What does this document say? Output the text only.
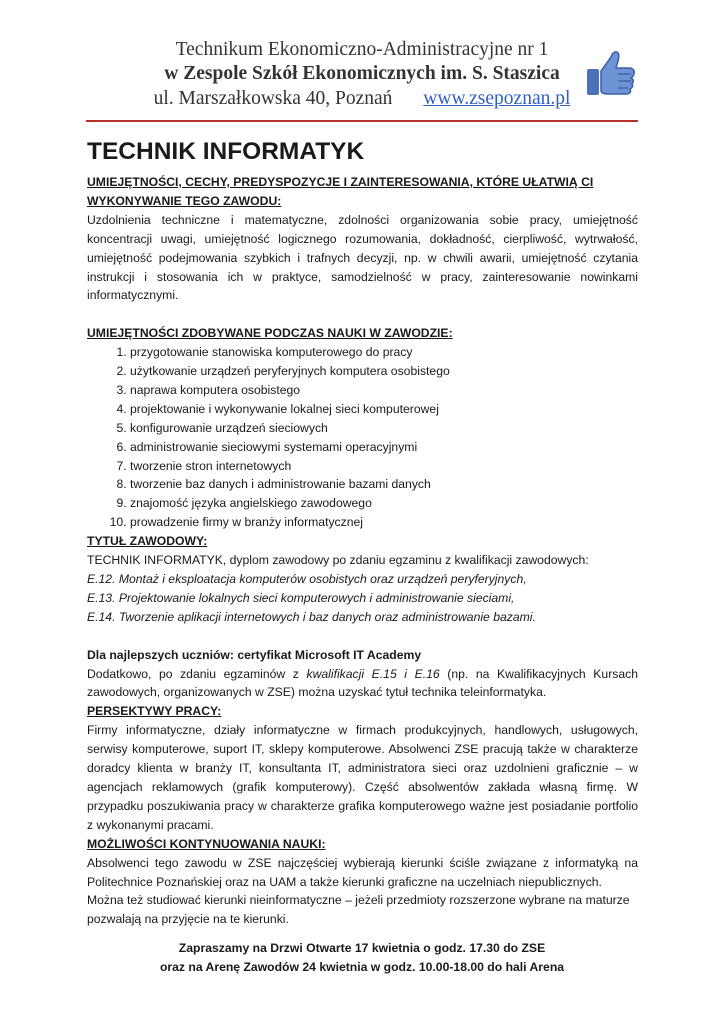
Technikum Ekonomiczno-Administracyjne nr 1
w Zespole Szkół Ekonomicznych im. S. Staszica
ul. Marszałkowska 40, Poznań www.zsepoznan.pl
TECHNIK INFORMATYK

UMIEJĘTNOŚCI, CECHY, PREDYSPOZYCJE I ZAINTERESOWANIA, KTÓRE UŁATWIĄ CI WYKONYWANIE TEGO ZAWODU:

Uzdolnienia techniczne i matematyczne, zdolności organizowania sobie pracy, umiejętność koncentracji uwagi, umiejętność logicznego rozumowania, dokładność, cierpliwość, wytrwałość, umiejętność podejmowania szybkich i trafnych decyzji, np. w chwili awarii, umiejętność czytania instrukcji i stosowania ich w praktyce, samodzielność w pracy, zainteresowanie nowinkami informatycznymi.

UMIEJĘTNOŚCI ZDOBYWANE PODCZAS NAUKI W ZAWODZIE:

1. przygotowanie stanowiska komputerowego do pracy
2. użytkowanie urządzeń peryferyjnych komputera osobistego
3. naprawa komputera osobistego
4. projektowanie i wykonywanie lokalnej sieci komputerowej
5. konfigurowanie urządzeń sieciowych
6. administrowanie sieciowymi systemami operacyjnymi
7. tworzenie stron internetowych
8. tworzenie baz danych i administrowanie bazami danych
9. znajomość języka angielskiego zawodowego
10. prowadzenie firmy w branży informatycznej

TYTUŁ ZAWODOWY:

TECHNIK INFORMATYK, dyplom zawodowy po zdaniu egzaminu z kwalifikacji zawodowych:

E.12. Montaż i eksploatacja komputerów osobistych oraz urządzeń peryferyjnych,

E.13. Projektowanie lokalnych sieci komputerowych i administrowanie sieciami,

E.14. Tworzenie aplikacji internetowych i baz danych oraz administrowanie bazami.

Dla najlepszych uczniów: certyfikat Microsoft IT Academy

Dodatkowo, po zdaniu egzaminów z kwalifikacji E.15 i E.16 (np. na Kwalifikacyjnych Kursach zawodowych, organizowanych w ZSE) można uzyskać tytuł technika teleinformatyka.

PERSEKTYWY PRACY:

Firmy informatyczne, działy informatyczne w firmach produkcyjnych, handlowych, usługowych, serwisy komputerowe, suport IT, sklepy komputerowe. Absolwenci ZSE pracują także w charakterze doradcy klienta w branży IT, konsultanta IT, administratora sieci oraz uzdolnieni graficznie – w agencjach reklamowych (grafik komputerowy). Część absolwentów zakłada własną firmę. W przypadku poszukiwania pracy w charakterze grafika komputerowego ważne jest posiadanie portfolio z wykonanymi pracami.

MOŻLIWOŚCI KONTYNUOWANIA NAUKI:

Absolwenci tego zawodu w ZSE najczęściej wybierają kierunki ściśle związane z informatyką na Politechnice Poznańskiej oraz na UAM a także kierunki graficzne na uczelniach niepublicznych.

Można też studiować kierunki nieinformatyczne – jeżeli przedmioty rozszerzone wybrane na maturze pozwalają na przyjęcie na te kierunki.

Zapraszamy na Drzwi Otwarte 17 kwietnia o godz. 17.30 do ZSE
oraz na Arenę Zawodów 24 kwietnia w godz. 10.00-18.00 do hali Arena
